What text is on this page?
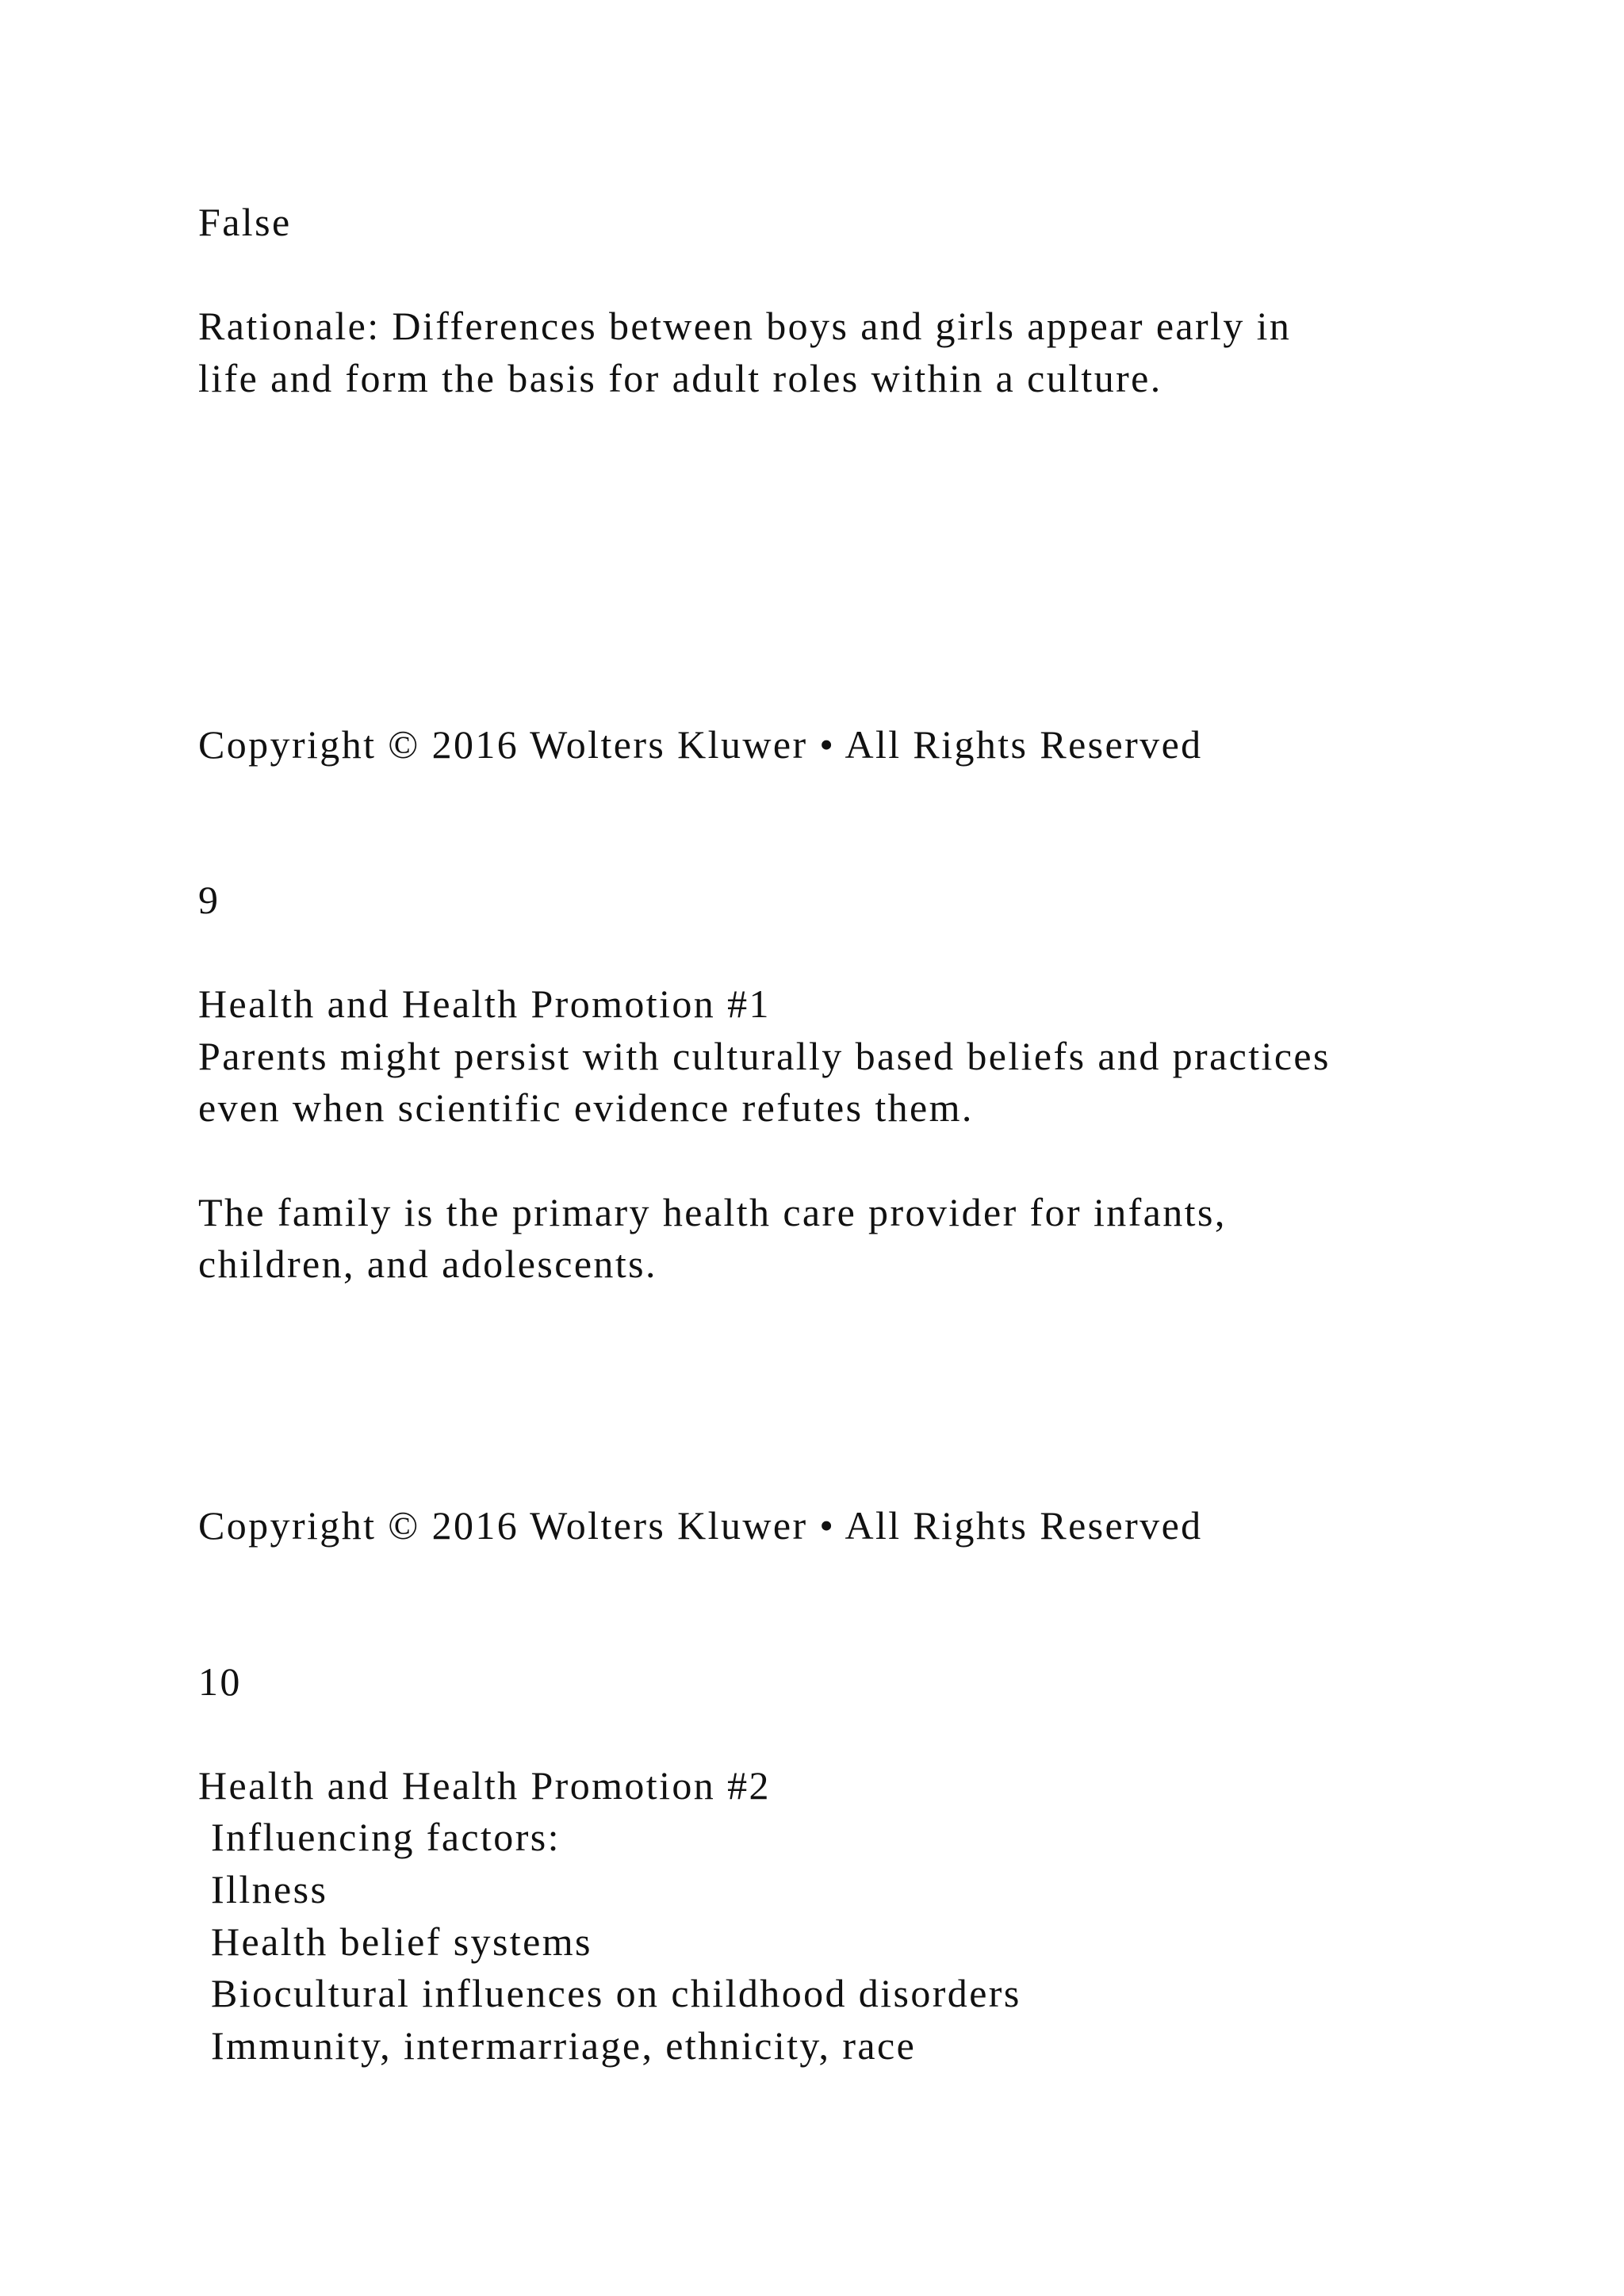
False

Rationale: Differences between boys and girls appear early in

life and form the basis for adult roles within a culture.

Copyright © 2016 Wolters Kluwer • All Rights Reserved

9

Health and Health Promotion #1

Parents might persist with culturally based beliefs and practices

even when scientific evidence refutes them.

The family is the primary health care provider for infants,

children, and adolescents.

Copyright © 2016 Wolters Kluwer • All Rights Reserved

10

Health and Health Promotion #2

Influencing factors:

Illness

Health belief systems

Biocultural influences on childhood disorders

Immunity, intermarriage, ethnicity, race
